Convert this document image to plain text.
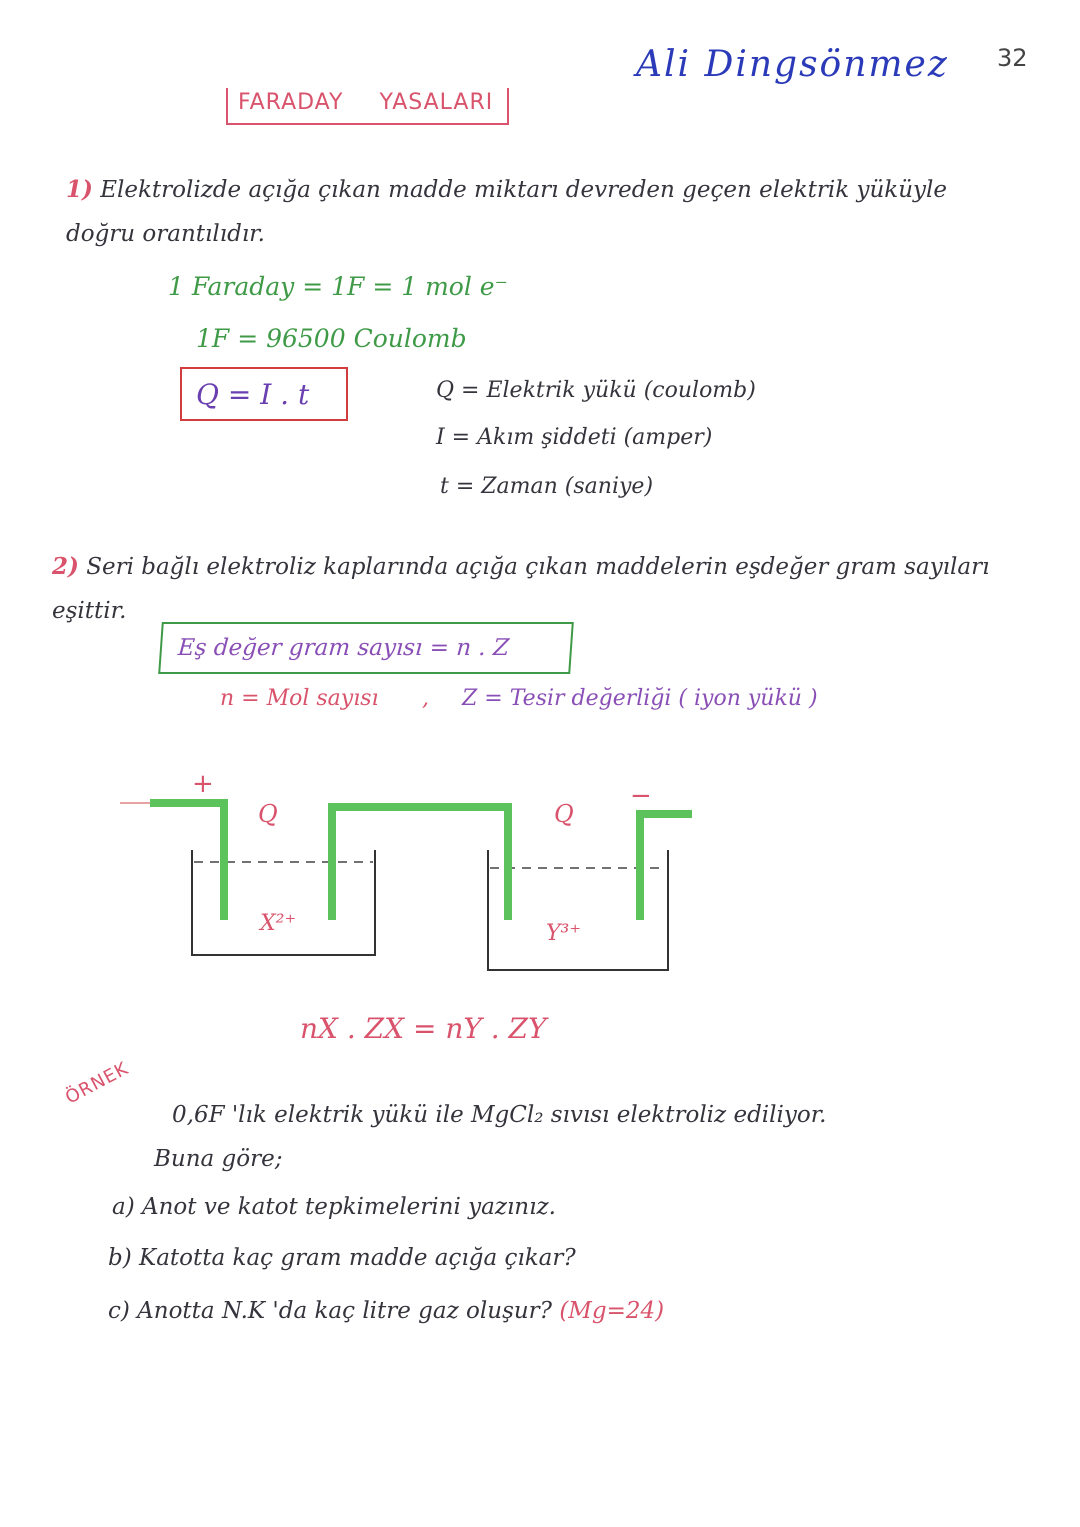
32
Ali Dingsönmez
FARADAY YASALARI
1) Elektrolizde açığa çıkan madde miktarı devreden geçen elektrik yüküyle doğru orantılıdır.
1 Faraday = 1F = 1 mol e⁻
1F = 96500 Coulomb
Q = I . t	Q = Elektrik yükü (coulomb)
I = Akım şiddeti (amper)
t = Zaman (saniye)
2) Seri bağlı elektroliz kaplarında açığa çıkan maddelerin eşdeğer gram sayıları eşittir.
Eş değer gram sayısı = n . Z
n = Mol sayısı , Z = Tesir değerliği ( iyon yükü )
+	−
Q	Q
X²⁺	Y³⁺
nX . ZX = nY . ZY
ÖRNEK
0,6F 'lık elektrik yükü ile MgCl₂ sıvısı elektroliz ediliyor.
Buna göre;
a) Anot ve katot tepkimelerini yazınız.
b) Katotta kaç gram madde açığa çıkar?
c) Anotta N.K 'da kaç litre gaz oluşur? (Mg=24)
